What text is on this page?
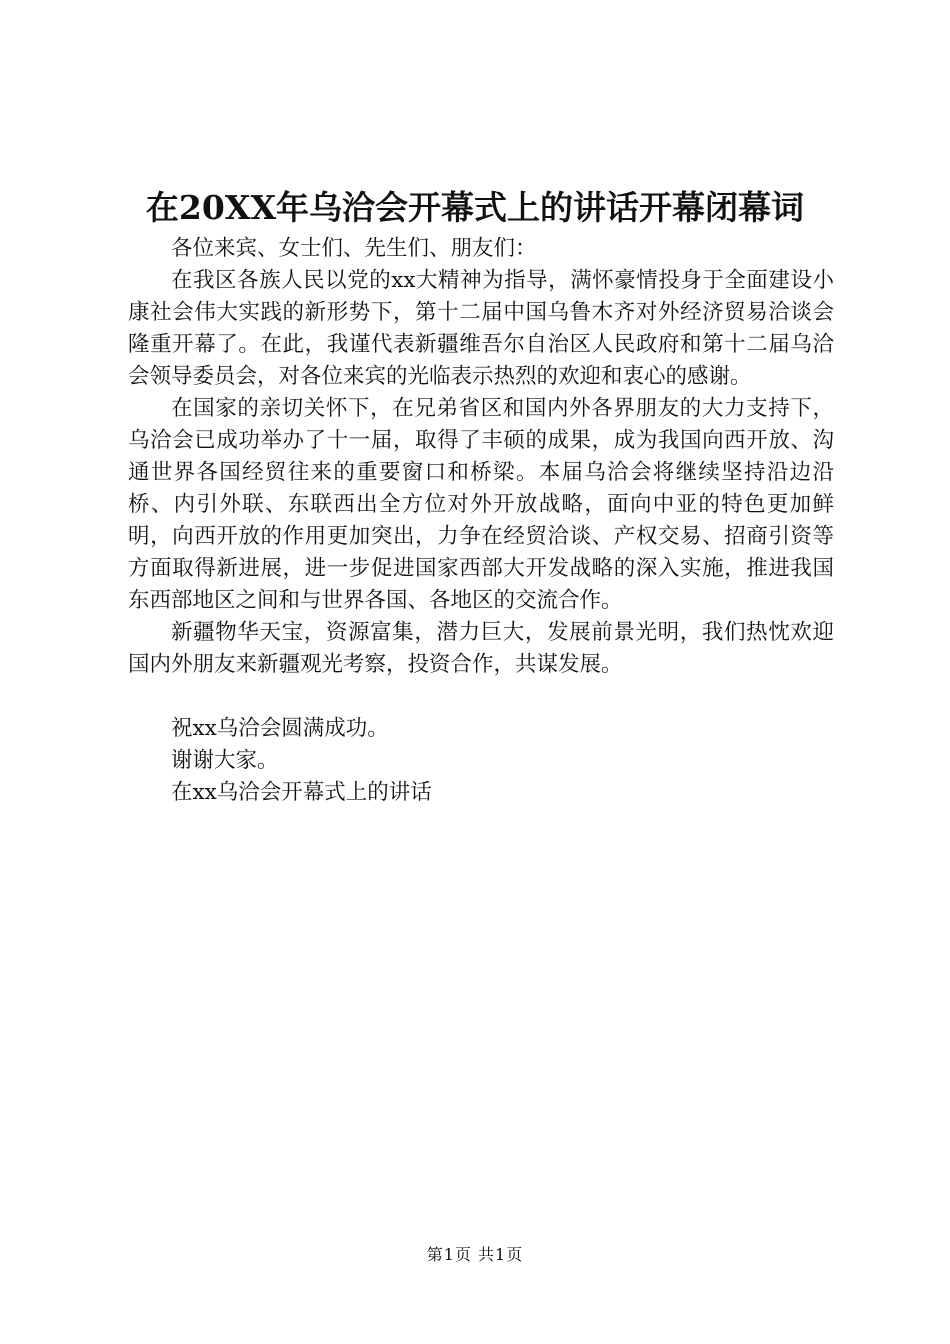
在20XX年乌洽会开幕式上的讲话开幕闭幕词

各位来宾、女士们、先生们、朋友们：

在我区各族人民以党的xx大精神为指导，满怀豪情投身于全面建设小康社会伟大实践的新形势下，第十二届中国乌鲁木齐对外经济贸易洽谈会隆重开幕了。在此，我谨代表新疆维吾尔自治区人民政府和第十二届乌洽会领导委员会，对各位来宾的光临表示热烈的欢迎和衷心的感谢。

在国家的亲切关怀下，在兄弟省区和国内外各界朋友的大力支持下，乌洽会已成功举办了十一届，取得了丰硕的成果，成为我国向西开放、沟通世界各国经贸往来的重要窗口和桥梁。本届乌洽会将继续坚持沿边沿桥、内引外联、东联西出全方位对外开放战略，面向中亚的特色更加鲜明，向西开放的作用更加突出，力争在经贸洽谈、产权交易、招商引资等方面取得新进展，进一步促进国家西部大开发战略的深入实施，推进我国东西部地区之间和与世界各国、各地区的交流合作。

新疆物华天宝，资源富集，潜力巨大，发展前景光明，我们热忱欢迎国内外朋友来新疆观光考察，投资合作，共谋发展。

祝xx乌洽会圆满成功。

谢谢大家。

在xx乌洽会开幕式上的讲话

第1页 共1页
